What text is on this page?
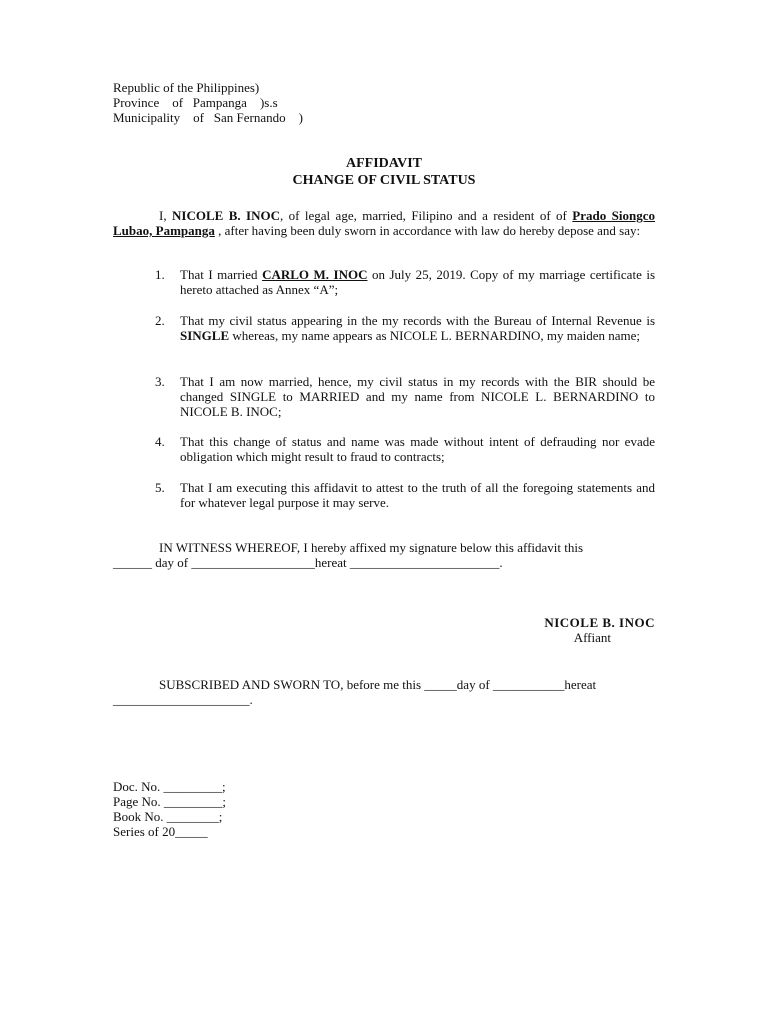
Republic of the Philippines)
Province    of   Pampanga    )s.s
Municipality    of   San Fernando    )
AFFIDAVIT
CHANGE OF CIVIL STATUS
I, NICOLE B. INOC, of legal age, married, Filipino and a resident of of Prado Siongco Lubao, Pampanga , after having been duly sworn in accordance with law do hereby depose and say:
1.	That I married CARLO M. INOC on July 25, 2019. Copy of my marriage certificate is hereto attached as Annex “A”;
2.	That my civil status appearing in the my records with the Bureau of Internal Revenue is SINGLE whereas, my name appears as NICOLE L. BERNARDINO, my maiden name;
3.	That I am now married, hence, my civil status in my records with the BIR should be changed SINGLE to MARRIED and my name from NICOLE L. BERNARDINO to NICOLE B. INOC;
4.	That this change of status and name was made without intent of defrauding nor evade obligation which might result to fraud to contracts;
5.	That I am executing this affidavit to attest to the truth of all the foregoing statements and for whatever legal purpose it may serve.
IN WITNESS WHEREOF, I hereby affixed my signature below this affidavit this
______ day of ___________________hereat _______________________.
NICOLE B. INOC
Affiant
SUBSCRIBED AND SWORN TO, before me this _____day of ___________hereat
_____________________.
Doc. No. _________;
Page No. _________;
Book No. ________;
Series of 20_____
